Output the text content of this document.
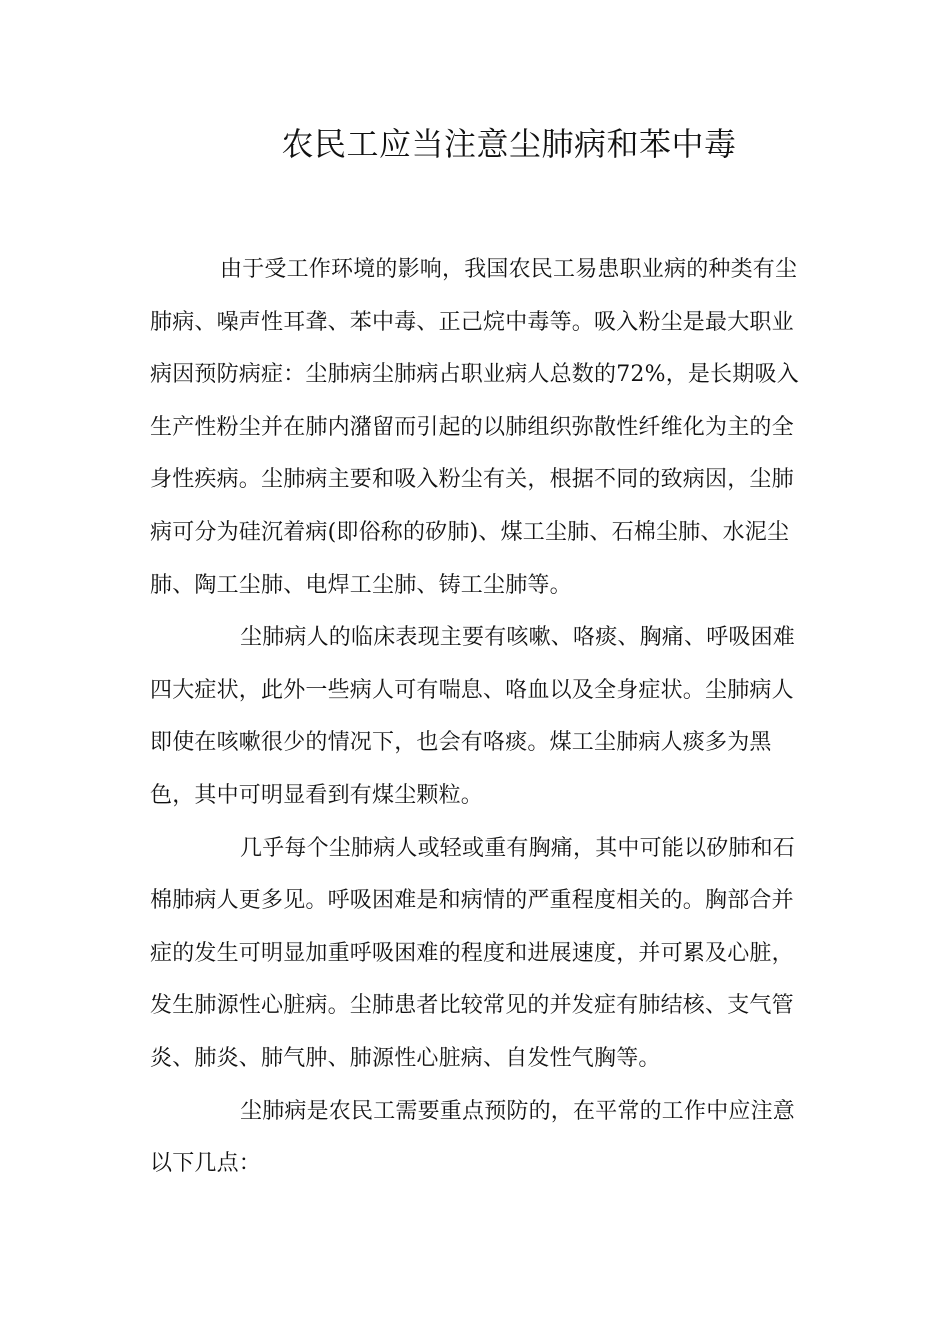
农民工应当注意尘肺病和苯中毒
由于受工作环境的影响，我国农民工易患职业病的种类有尘
肺病、噪声性耳聋、苯中毒、正己烷中毒等。吸入粉尘是最大职业
病因预防病症：尘肺病尘肺病占职业病人总数的72%，是长期吸入
生产性粉尘并在肺内潴留而引起的以肺组织弥散性纤维化为主的全
身性疾病。尘肺病主要和吸入粉尘有关，根据不同的致病因，尘肺
病可分为硅沉着病(即俗称的矽肺)、煤工尘肺、石棉尘肺、水泥尘
肺、陶工尘肺、电焊工尘肺、铸工尘肺等。
尘肺病人的临床表现主要有咳嗽、咯痰、胸痛、呼吸困难
四大症状，此外一些病人可有喘息、咯血以及全身症状。尘肺病人
即使在咳嗽很少的情况下，也会有咯痰。煤工尘肺病人痰多为黑
色，其中可明显看到有煤尘颗粒。
几乎每个尘肺病人或轻或重有胸痛，其中可能以矽肺和石
棉肺病人更多见。呼吸困难是和病情的严重程度相关的。胸部合并
症的发生可明显加重呼吸困难的程度和进展速度，并可累及心脏，
发生肺源性心脏病。尘肺患者比较常见的并发症有肺结核、支气管
炎、肺炎、肺气肿、肺源性心脏病、自发性气胸等。
尘肺病是农民工需要重点预防的，在平常的工作中应注意
以下几点：
